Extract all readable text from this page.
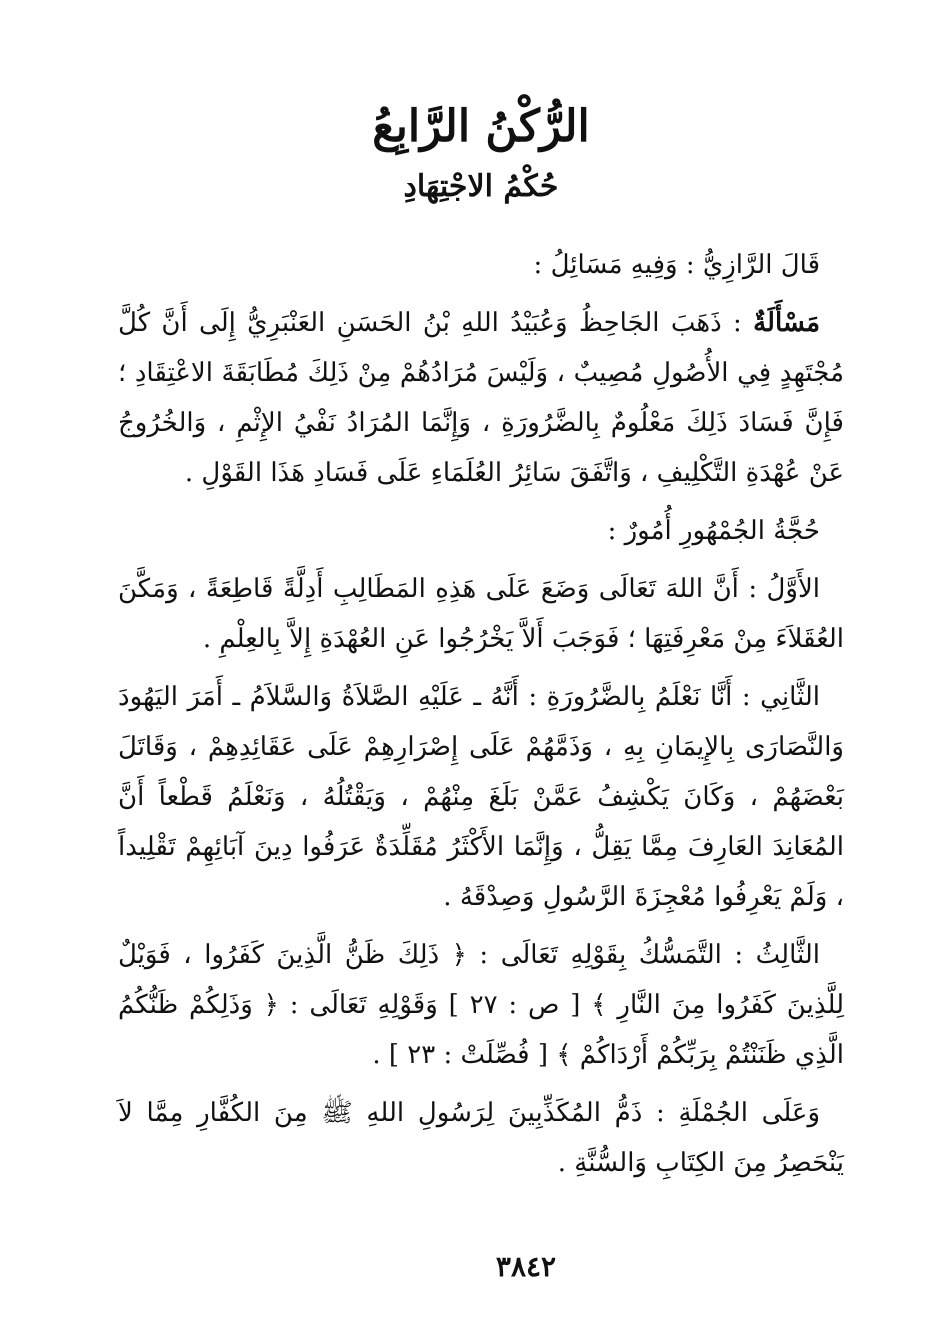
الرُّكْنُ الرَّابِعُ
حُكْمُ الاجْتِهَادِ

قَالَ الرَّازِيُّ : وَفِيهِ مَسَائِلُ :

مَسْأَلَةٌ : ذَهَبَ الجَاحِظُ وَعُبَيْدُ اللهِ بْنُ الحَسَنِ العَنْبَرِيُّ إِلَى أَنَّ كُلَّ مُجْتَهِدٍ فِي الأُصُولِ مُصِيبٌ ، وَلَيْسَ مُرَادُهُمْ مِنْ ذَلِكَ مُطَابَقَةَ الاعْتِقَادِ ؛ فَإِنَّ فَسَادَ ذَلِكَ مَعْلُومٌ بِالضَّرُورَةِ ، وَإِنَّمَا المُرَادُ نَفْيُ الإِثْمِ ، وَالخُرُوجُ عَنْ عُهْدَةِ التَّكْلِيفِ ، وَاتَّفَقَ سَائِرُ العُلَمَاءِ عَلَى فَسَادِ هَذَا القَوْلِ .

حُجَّةُ الجُمْهُورِ أُمُورٌ :

الأَوَّلُ : أَنَّ اللهَ تَعَالَى وَضَعَ عَلَى هَذِهِ المَطَالِبِ أَدِلَّةً قَاطِعَةً ، وَمَكَّنَ العُقَلاَءَ مِنْ مَعْرِفَتِهَا ؛ فَوَجَبَ أَلاَّ يَخْرُجُوا عَنِ العُهْدَةِ إِلاَّ بِالعِلْمِ .

الثَّانِي : أَنَّا نَعْلَمُ بِالضَّرُورَةِ : أَنَّهُ ـ عَلَيْهِ الصَّلاَةُ وَالسَّلاَمُ ـ أَمَرَ اليَهُودَ وَالنَّصَارَى بِالإِيمَانِ بِهِ ، وَذَمَّهُمْ عَلَى إِصْرَارِهِمْ عَلَى عَقَائِدِهِمْ ، وَقَاتَلَ بَعْضَهُمْ ، وَكَانَ يَكْشِفُ عَمَّنْ بَلَغَ مِنْهُمْ ، وَيَقْتُلُهُ ، وَنَعْلَمُ قَطْعاً أَنَّ المُعَانِدَ العَارِفَ مِمَّا يَقِلُّ ، وَإِنَّمَا الأَكْثَرُ مُقَلِّدَةٌ عَرَفُوا دِينَ آبَائِهِمْ تَقْلِيداً ، وَلَمْ يَعْرِفُوا مُعْجِزَةَ الرَّسُولِ وَصِدْقَهُ .

الثَّالِثُ : التَّمَسُّكُ بِقَوْلِهِ تَعَالَى : ﴿ ذَلِكَ ظَنُّ الَّذِينَ كَفَرُوا ، فَوَيْلٌ لِلَّذِينَ كَفَرُوا مِنَ النَّارِ ﴾ [ ص : ٢٧ ] وَقَوْلِهِ تَعَالَى : ﴿ وَذَلِكُمْ ظَنُّكُمُ الَّذِي ظَنَنْتُمْ بِرَبِّكُمْ أَرْدَاكُمْ ﴾ [ فُصِّلَتْ : ٢٣ ] .

وَعَلَى الجُمْلَةِ : ذَمُّ المُكَذِّبِينَ لِرَسُولِ اللهِ ﷺ مِنَ الكُفَّارِ مِمَّا لاَ يَنْحَصِرُ مِنَ الكِتَابِ وَالسُّنَّةِ .

٣٨٤٢
